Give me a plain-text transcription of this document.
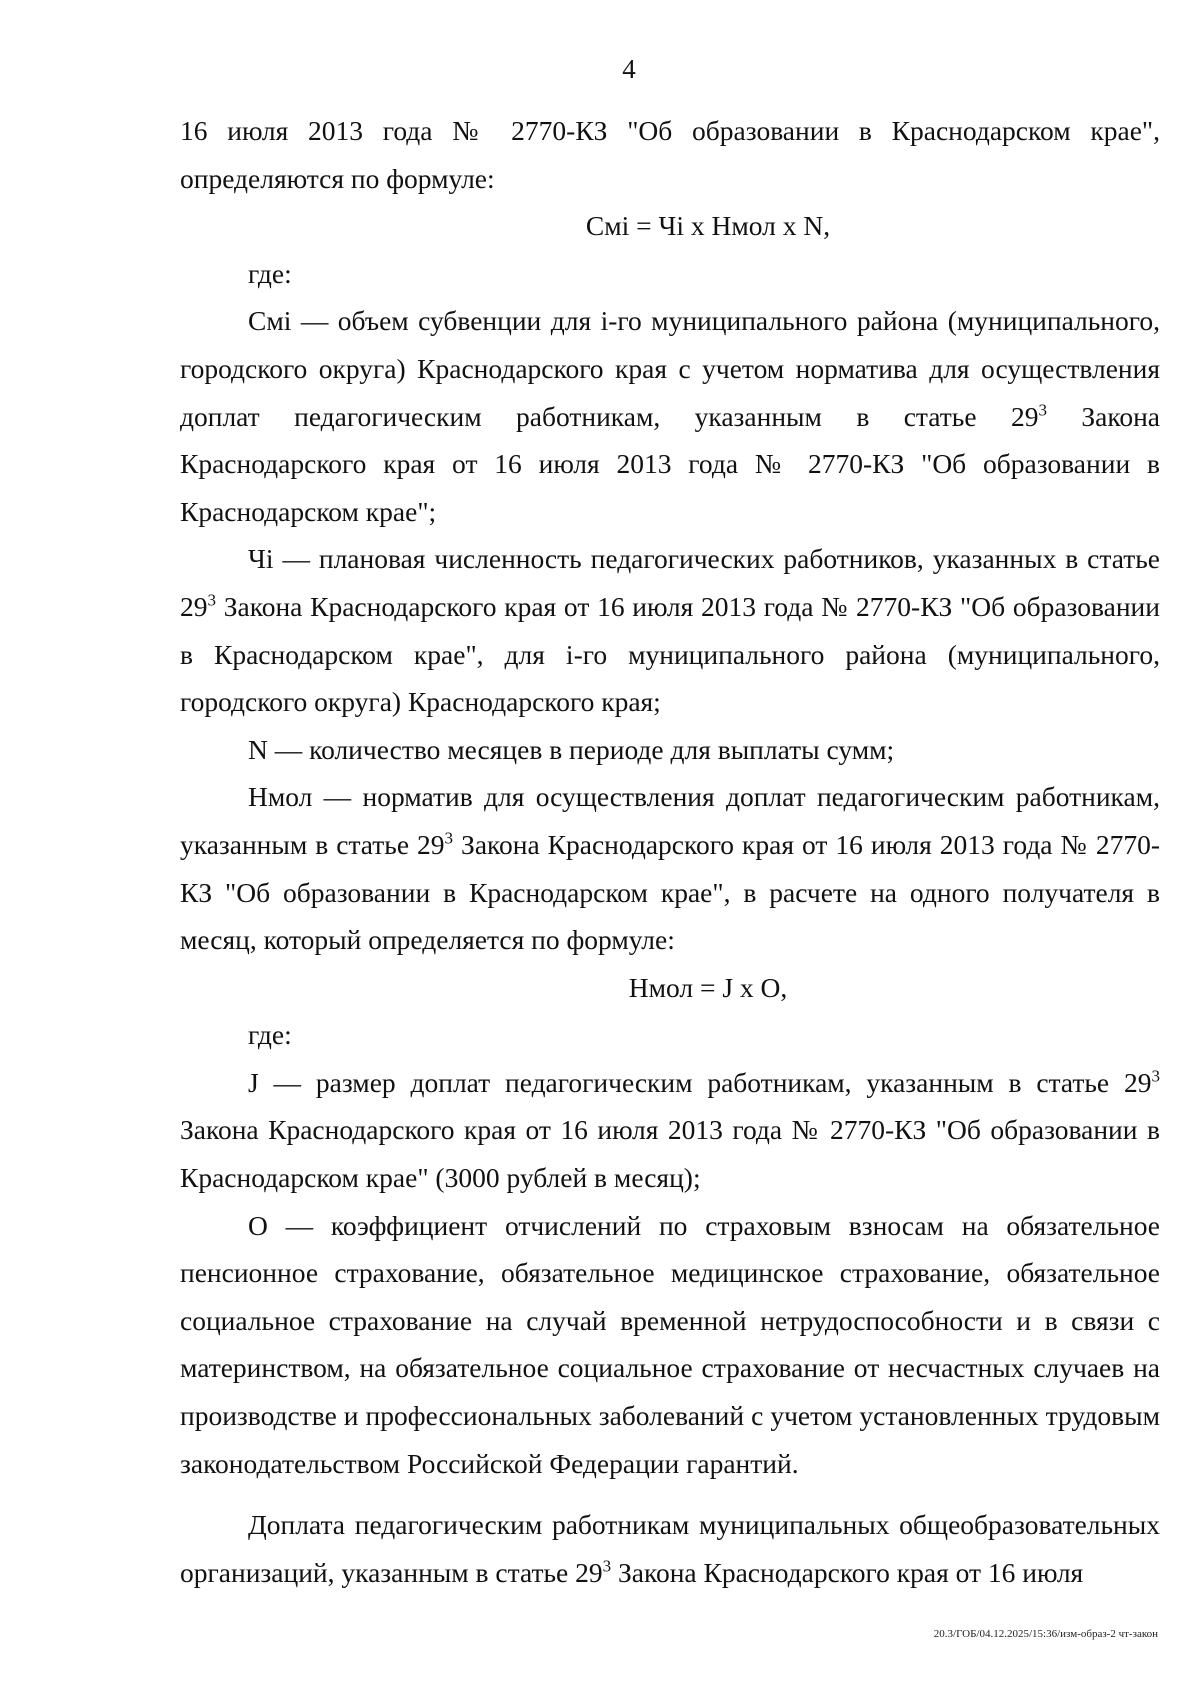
4

16 июля 2013 года № 2770-КЗ "Об образовании в Краснодарском крае", определяются по формуле:

Cмi = Чi x Hмол x N,

где:

Cмi — объем субвенции для i-го муниципального района (муниципального, городского округа) Краснодарского края с учетом норматива для осуществления доплат педагогическим работникам, указанным в статье $29^3$ Закона Краснодарского края от 16 июля 2013 года № 2770-КЗ "Об образовании в Краснодарском крае";

Чi — плановая численность педагогических работников, указанных в статье $29^3$ Закона Краснодарского края от 16 июля 2013 года № 2770-КЗ "Об образовании в Краснодарском крае", для i-го муниципального района (муниципального, городского округа) Краснодарского края;

N — количество месяцев в периоде для выплаты сумм;

Hмол — норматив для осуществления доплат педагогическим работникам, указанным в статье $29^3$ Закона Краснодарского края от 16 июля 2013 года № 2770-КЗ "Об образовании в Краснодарском крае", в расчете на одного получателя в месяц, который определяется по формуле:

Hмол = J x O,

где:

J — размер доплат педагогическим работникам, указанным в статье $29^3$ Закона Краснодарского края от 16 июля 2013 года № 2770-КЗ "Об образовании в Краснодарском крае" (3000 рублей в месяц);

O — коэффициент отчислений по страховым взносам на обязательное пенсионное страхование, обязательное медицинское страхование, обязательное социальное страхование на случай временной нетрудоспособности и в связи с материнством, на обязательное социальное страхование от несчастных случаев на производстве и профессиональных заболеваний с учетом установленных трудовым законодательством Российской Федерации гарантий.

Доплата педагогическим работникам муниципальных общеобразовательных организаций, указанным в статье $29^3$ Закона Краснодарского края от 16 июля

20.3/ГОБ/04.12.2025/15:36/изм-образ-2 чт-закон
